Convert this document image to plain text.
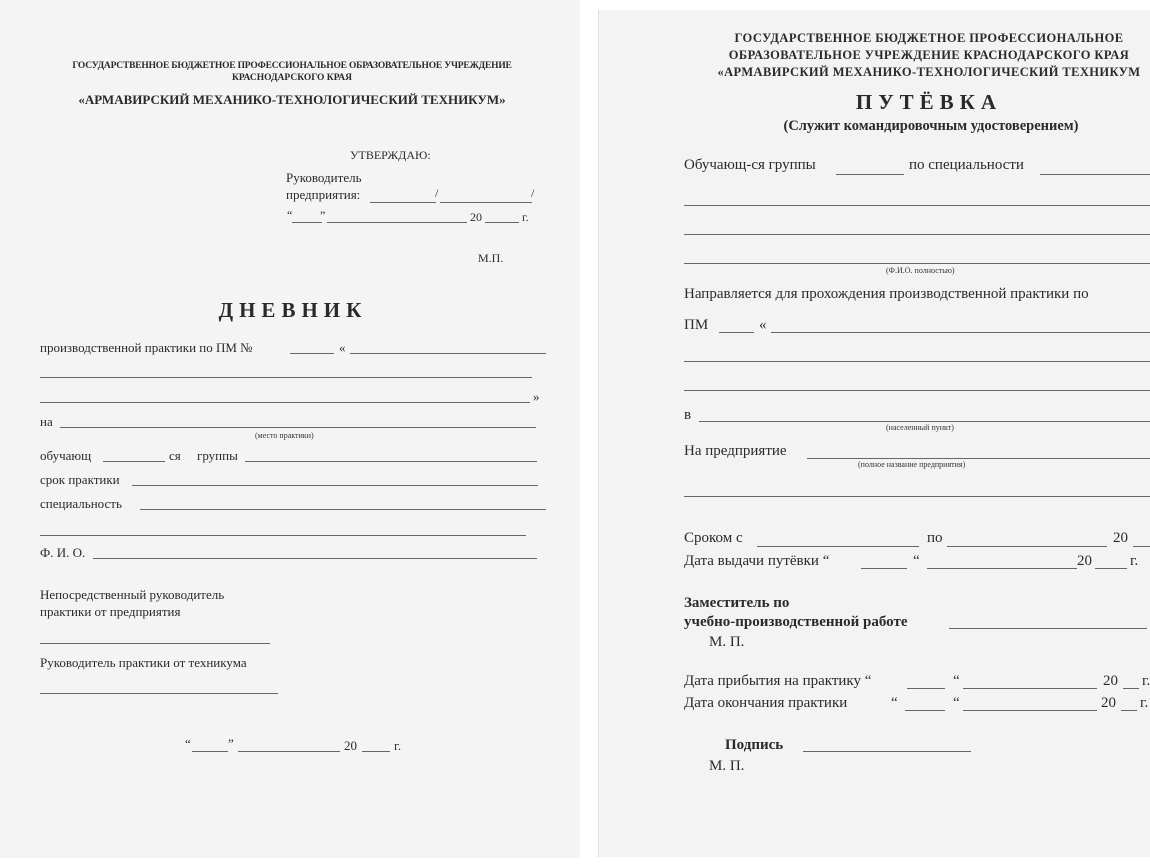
ГОСУДАРСТВЕННОЕ БЮДЖЕТНОЕ ПРОФЕССИОНАЛЬНОЕ ОБРАЗОВАТЕЛЬНОЕ УЧРЕЖДЕНИЕ
КРАСНОДАРСКОГО КРАЯ
«АРМАВИРСКИЙ МЕХАНИКО-ТЕХНОЛОГИЧЕСКИЙ ТЕХНИКУМ»
УТВЕРЖДАЮ:
Руководитель
предприятия:	/	/
“ ”	20	г.
М.П.
ДНЕВНИК
производственной практики по ПМ №	«
»
на
(место практики)
обучающ	ся группы
срок практики
специальность
Ф. И. О.
Непосредственный руководитель
практики от предприятия
Руководитель практики от техникума
“	”	20	г.
ГОСУДАРСТВЕННОЕ БЮДЖЕТНОЕ ПРОФЕССИОНАЛЬНОЕ
ОБРАЗОВАТЕЛЬНОЕ УЧРЕЖДЕНИЕ КРАСНОДАРСКОГО КРАЯ
«АРМАВИРСКИЙ МЕХАНИКО-ТЕХНОЛОГИЧЕСКИЙ ТЕХНИКУМ
ПУТЁВКА
(Служит командировочным удостоверением)
Обучающ-ся группы	по специальности
(Ф.И.О. полностью)
Направляется для прохождения производственной практики по
ПМ	«
в
(населенный пункт)
На предприятие
(полное название предприятия)
Сроком с	по	20
Дата выдачи путёвки “	“	20	г.
Заместитель по
учебно-производственной работе
М. П.
Дата прибытия на практику “	“	20 г.
Дата окончания практики	“	“	20 г.
Подпись
М. П.
